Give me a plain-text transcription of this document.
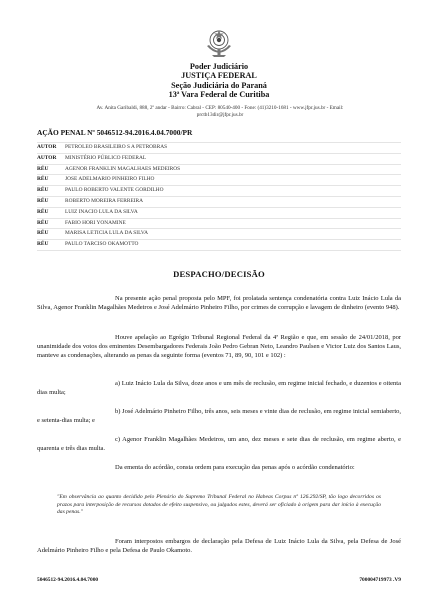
Poder Judiciário
JUSTIÇA FEDERAL
Seção Judiciária do Paraná
13ª Vara Federal de Curitiba
Av. Anita Garibaldi, 888, 2º andar - Bairro: Cabral - CEP: 80540-400 - Fone: (41)3210-1681 - www.jfpr.jus.br - Email:
prctb13dir@jfpr.jus.br
AÇÃO PENAL Nº 5046512-94.2016.4.04.7000/PR
AUTOR PETROLEO BRASILEIRO S A PETROBRAS
AUTOR MINISTÉRIO PÚBLICO FEDERAL
RÉU	AGENOR FRANKLIN MAGALHAES MEDEIROS
RÉU	JOSE ADELMARIO PINHEIRO FILHO
RÉU	PAULO ROBERTO VALENTE GORDILHO
RÉU	ROBERTO MOREIRA FERREIRA
RÉU	LUIZ INACIO LULA DA SILVA
RÉU	FABIO HORI YONAMINE
RÉU	MARISA LETICIA LULA DA SILVA
RÉU	PAULO TARCISO OKAMOTTO
DESPACHO/DECISÃO
Na presente ação penal proposta pelo MPF, foi prolatada sentença condenatória contra Luiz Inácio Lula da Silva, Agenor Franklin Magalhães Medeiros e José Adelmário Pinheiro Filho, por crimes de corrupção e lavagem de dinheiro (evento 948).
Houve apelação ao Egrégio Tribunal Regional Federal da 4ª Região e que, em sessão de 24/01/2018, por unanimidade dos votos dos eminentes Desembargadores Federais João Pedro Gebran Neto, Leandro Paulsen e Victor Luiz dos Santos Laus, manteve as condenações, alterando as penas da seguinte forma (eventos 71, 89, 90, 101 e 102) :
a) Luiz Inácio Lula da Silva, doze anos e um mês de reclusão, em regime inicial fechado, e duzentos e oitenta dias multa;
b) José Adelmário Pinheiro Filho, três anos, seis meses e vinte dias de reclusão, em regime inicial semiaberto, e setenta-dias multa; e
c) Agenor Franklin Magalhães Medeiros, um ano, dez meses e sete dias de reclusão, em regime aberto, e quarenta e três dias multa.
Da ementa do acórdão, consta ordem para execução das penas após o acórdão condenatório:
"Em observância ao quanto decidido pelo Plenário do Supremo Tribunal Federal no Habeas Corpus nº 126.292/SP, tão logo decorridos os prazos para interposição de recursos dotados de efeito suspensivo, ou julgados estes, deverá ser oficiado à origem para dar início à execução das penas."
Foram interpostos embargos de declaração pela Defesa de Luiz Inácio Lula da Silva, pela Defesa de José Adelmário Pinheiro Filho e pela Defesa de Paulo Okamoto.
5046512-94.2016.4.04.7000	700004719973 .V9
